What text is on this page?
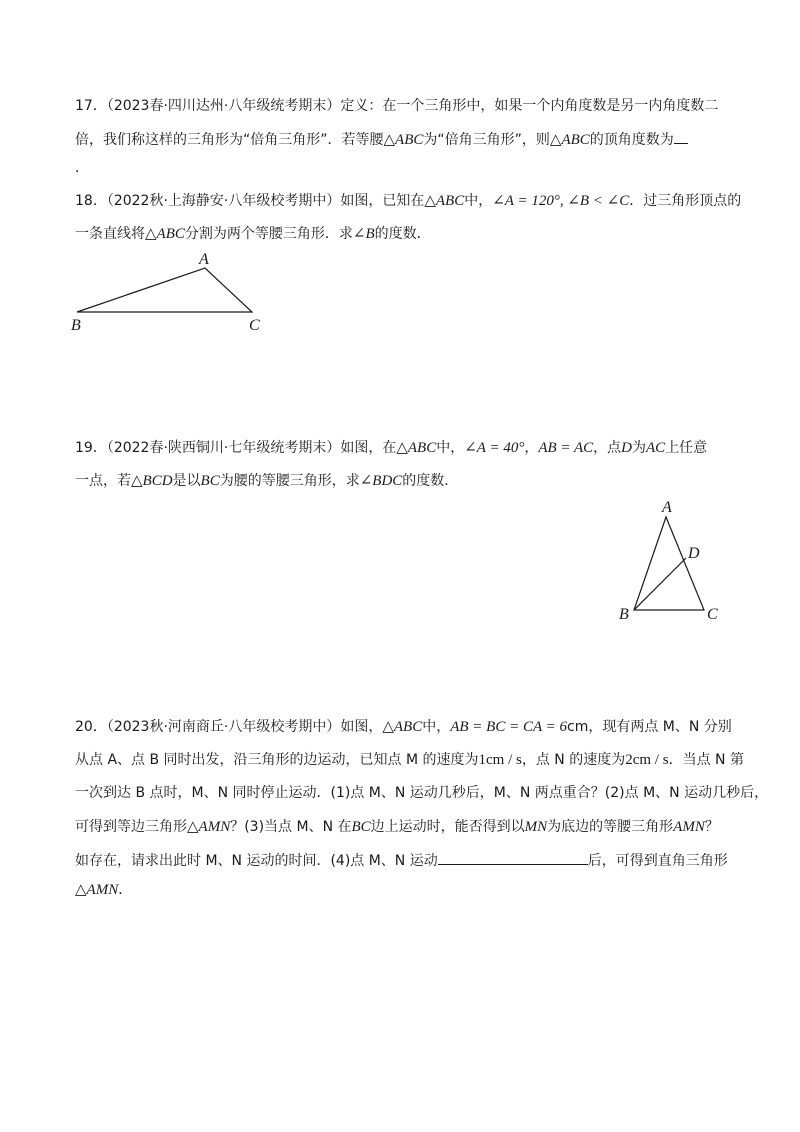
17．（2023春·四川达州·八年级统考期末）定义：在一个三角形中，如果一个内角度数是另一内角度数二
倍，我们称这样的三角形为“倍角三角形”．若等腰△ABC为“倍角三角形”，则△ABC的顶角度数为
．
18．（2022秋·上海静安·八年级校考期中）如图，已知在△ABC中，∠A = 120°, ∠B < ∠C．过三角形顶点的
一条直线将△ABC分割为两个等腰三角形．求∠B的度数．
A
B	C
19．（2022春·陕西铜川·七年级统考期末）如图，在△ABC中，∠A = 40°，AB = AC，点D为AC上任意
一点，若△BCD是以BC为腰的等腰三角形，求∠BDC的度数．
A
D
B	C
20．（2023秋·河南商丘·八年级校考期中）如图，△ABC中，AB = BC = CA = 6cm，现有两点 M、N 分别
从点 A、点 B 同时出发，沿三角形的边运动，已知点 M 的速度为1cm / s，点 N 的速度为2cm / s．当点 N 第
一次到达 B 点时，M、N 同时停止运动．(1)点 M、N 运动几秒后，M、N 两点重合？(2)点 M、N 运动几秒后，
可得到等边三角形△AMN？(3)当点 M、N 在BC边上运动时，能否得到以MN为底边的等腰三角形AMN？
如存在，请求出此时 M、N 运动的时间．(4)点 M、N 运动	后，可得到直角三角形
△AMN．
